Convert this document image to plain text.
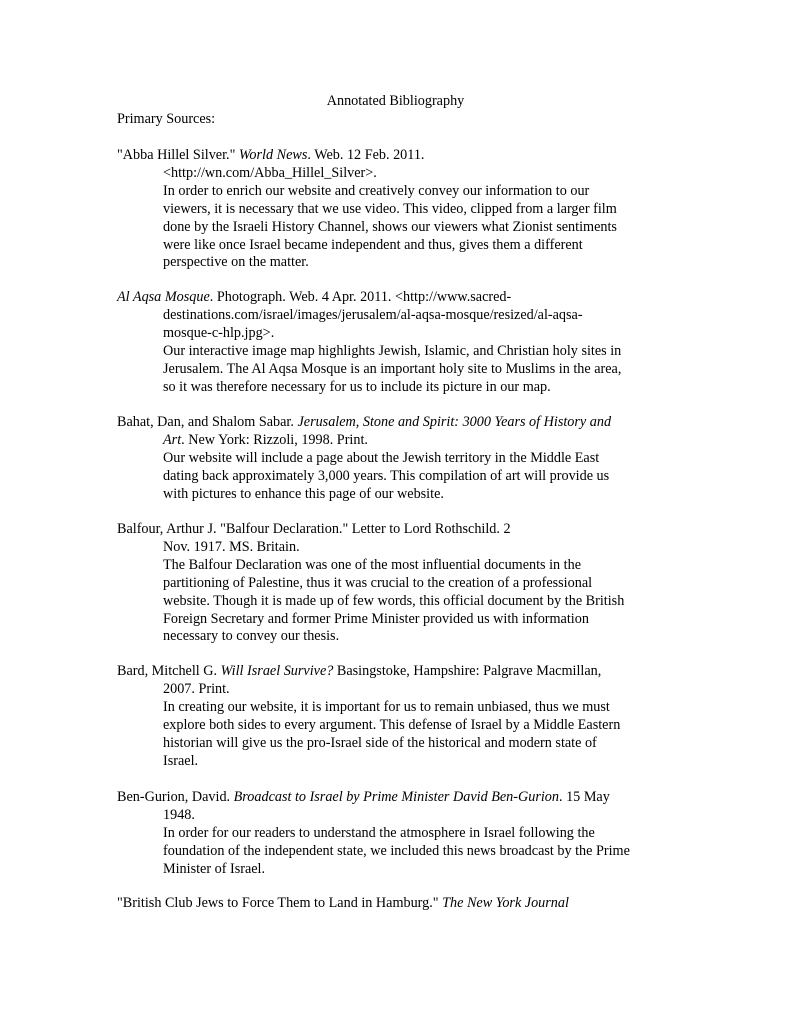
Annotated Bibliography
Primary Sources:
"Abba Hillel Silver." World News. Web. 12 Feb. 2011.
<http://wn.com/Abba_Hillel_Silver>.
In order to enrich our website and creatively convey our information to our
viewers, it is necessary that we use video. This video, clipped from a larger film
done by the Israeli History Channel, shows our viewers what Zionist sentiments
were like once Israel became independent and thus, gives them a different
perspective on the matter.
Al Aqsa Mosque. Photograph. Web. 4 Apr. 2011. <http://www.sacred-
destinations.com/israel/images/jerusalem/al-aqsa-mosque/resized/al-aqsa-
mosque-c-hlp.jpg>.
Our interactive image map highlights Jewish, Islamic, and Christian holy sites in
Jerusalem. The Al Aqsa Mosque is an important holy site to Muslims in the area,
so it was therefore necessary for us to include its picture in our map.
Bahat, Dan, and Shalom Sabar. Jerusalem, Stone and Spirit: 3000 Years of History and
Art. New York: Rizzoli, 1998. Print.
Our website will include a page about the Jewish territory in the Middle East
dating back approximately 3,000 years. This compilation of art will provide us
with pictures to enhance this page of our website.
Balfour, Arthur J. "Balfour Declaration." Letter to Lord Rothschild. 2
Nov. 1917. MS. Britain.
The Balfour Declaration was one of the most influential documents in the
partitioning of Palestine, thus it was crucial to the creation of a professional
website. Though it is made up of few words, this official document by the British
Foreign Secretary and former Prime Minister provided us with information
necessary to convey our thesis.
Bard, Mitchell G. Will Israel Survive? Basingstoke, Hampshire: Palgrave Macmillan,
2007. Print.
In creating our website, it is important for us to remain unbiased, thus we must
explore both sides to every argument. This defense of Israel by a Middle Eastern
historian will give us the pro-Israel side of the historical and modern state of
Israel.
Ben-Gurion, David. Broadcast to Israel by Prime Minister David Ben-Gurion. 15 May
1948.
In order for our readers to understand the atmosphere in Israel following the
foundation of the independent state, we included this news broadcast by the Prime
Minister of Israel.
"British Club Jews to Force Them to Land in Hamburg." The New York Journal
